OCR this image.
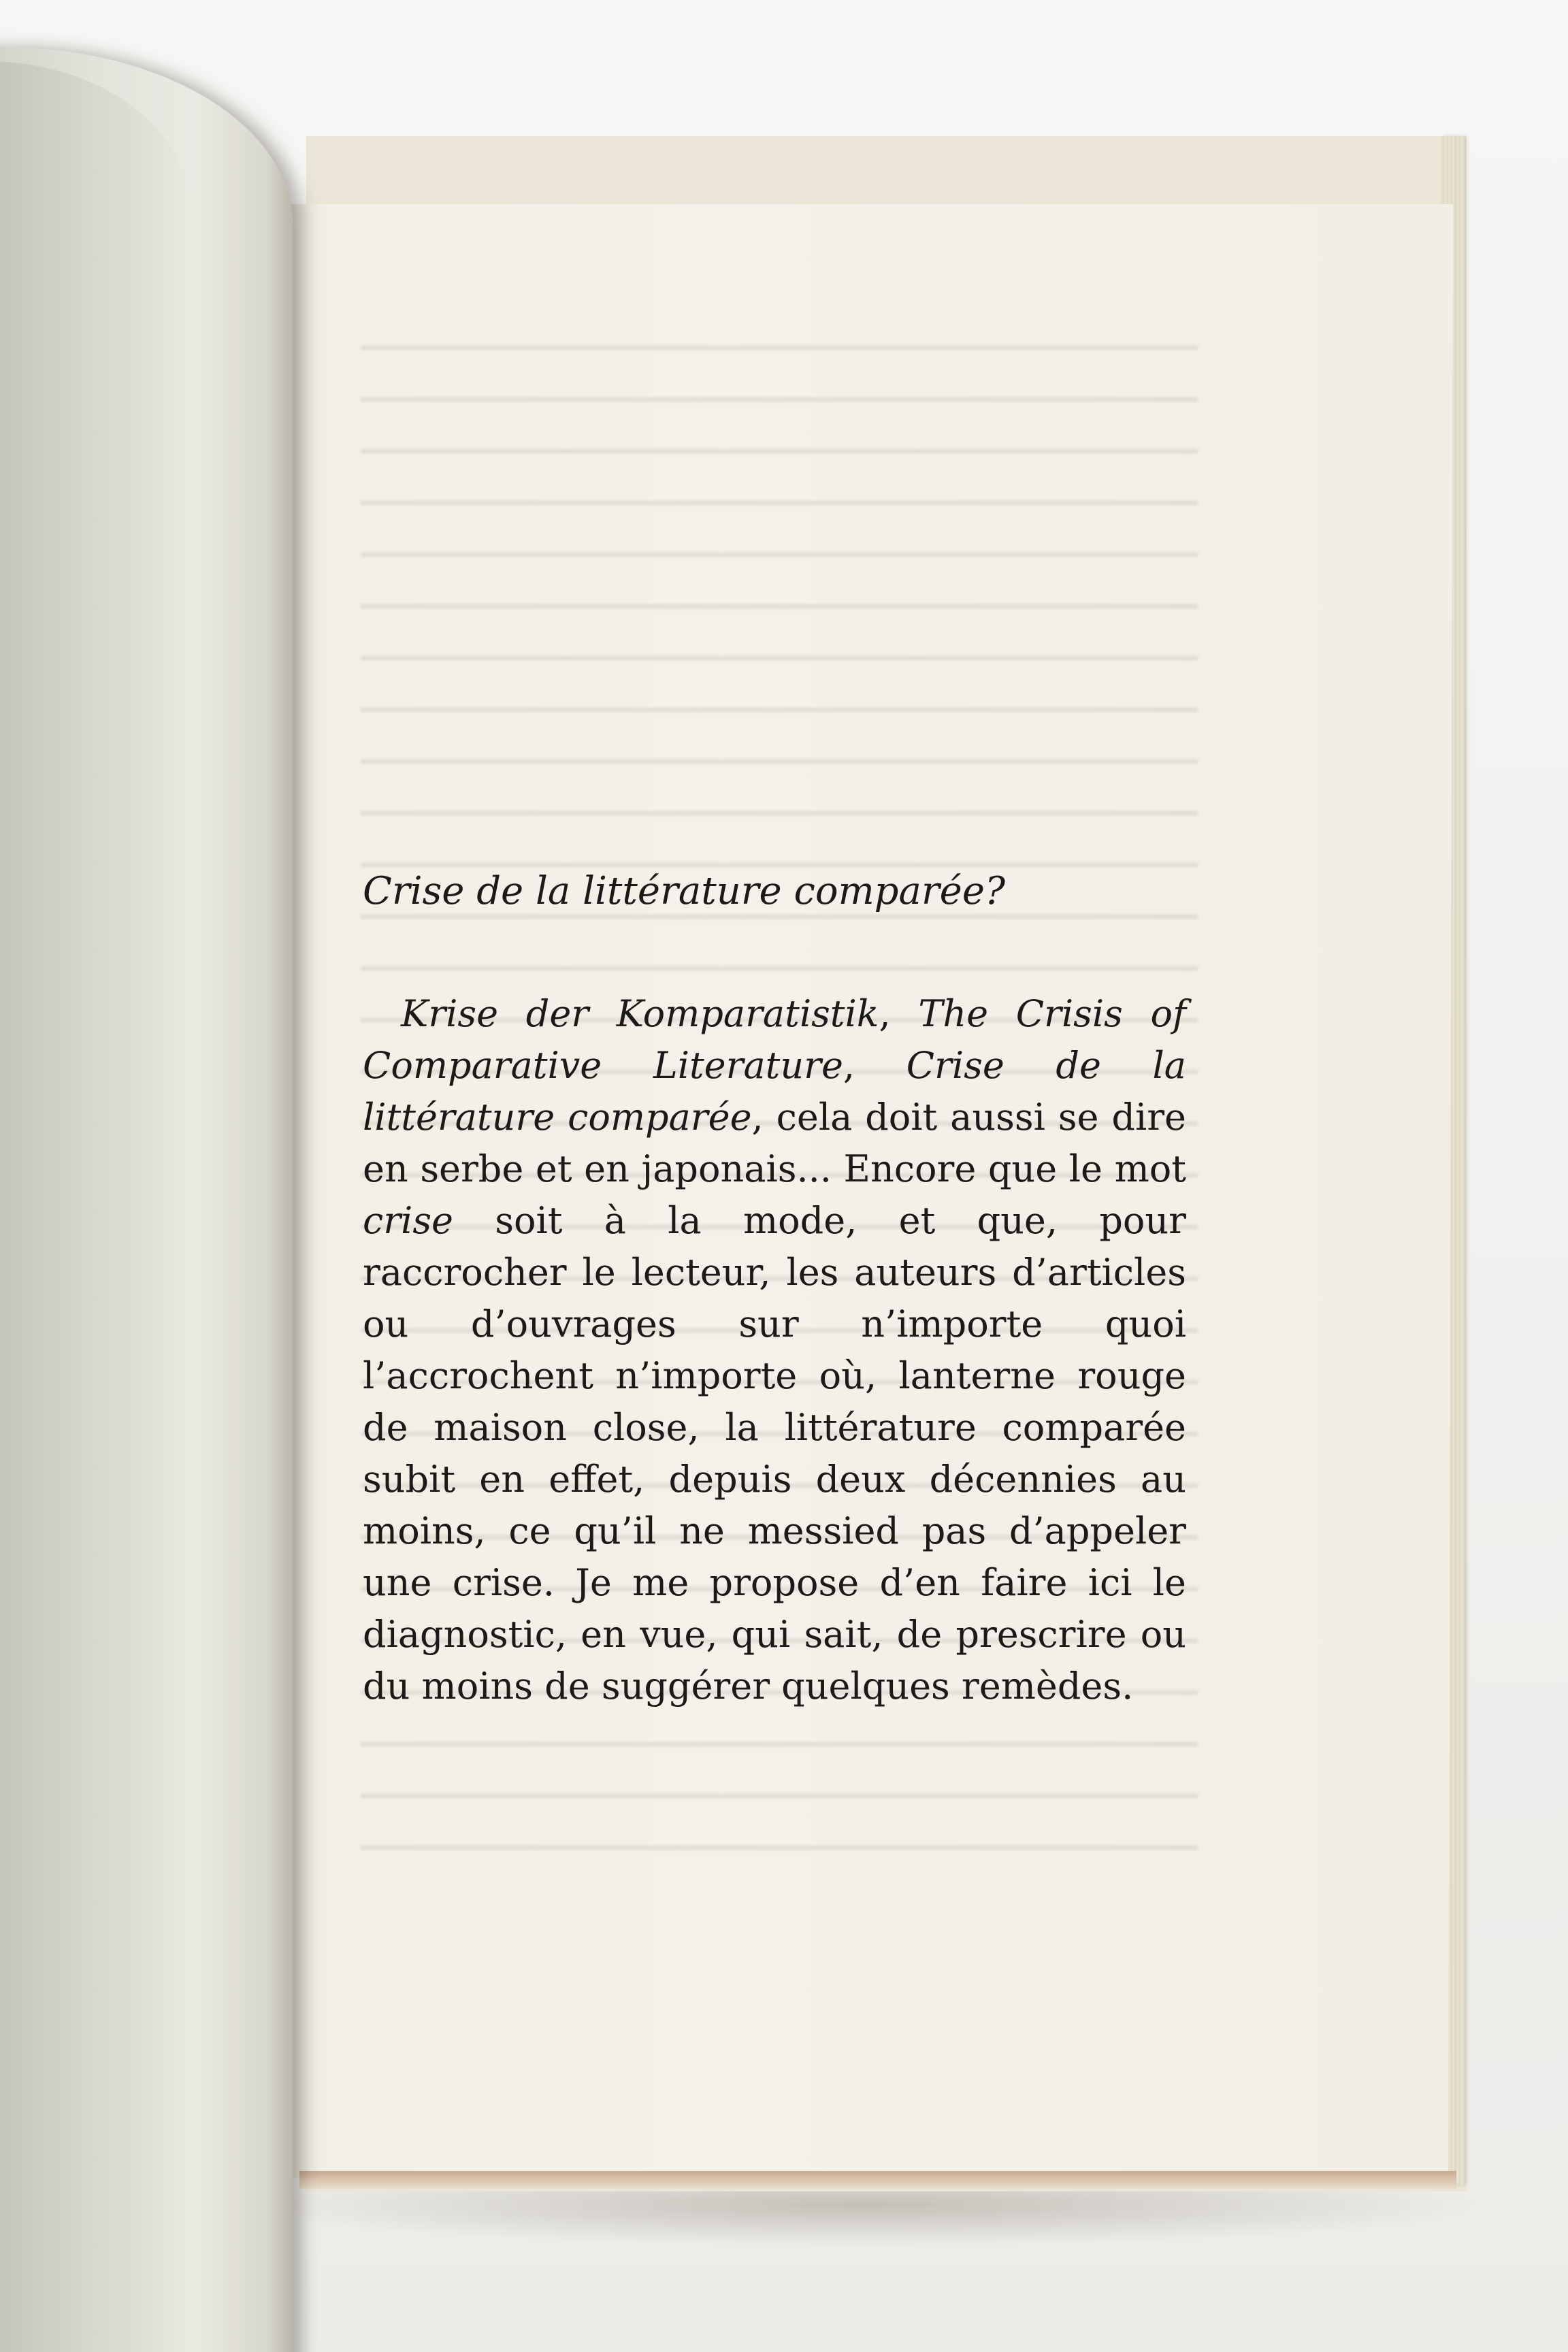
Crise de la littérature comparée?

Krise der Komparatistik, The Crisis of Comparative Literature, Crise de la littérature comparée, cela doit aussi se dire en serbe et en japonais... Encore que le mot crise soit à la mode, et que, pour raccrocher le lecteur, les auteurs d’articles ou d’ouvrages sur n’importe quoi l’accrochent n’importe où, lanterne rouge de maison close, la littérature comparée subit en effet, depuis deux décennies au moins, ce qu’il ne messied pas d’appeler une crise. Je me propose d’en faire ici le diagnostic, en vue, qui sait, de prescrire ou du moins de suggérer quelques remèdes.
